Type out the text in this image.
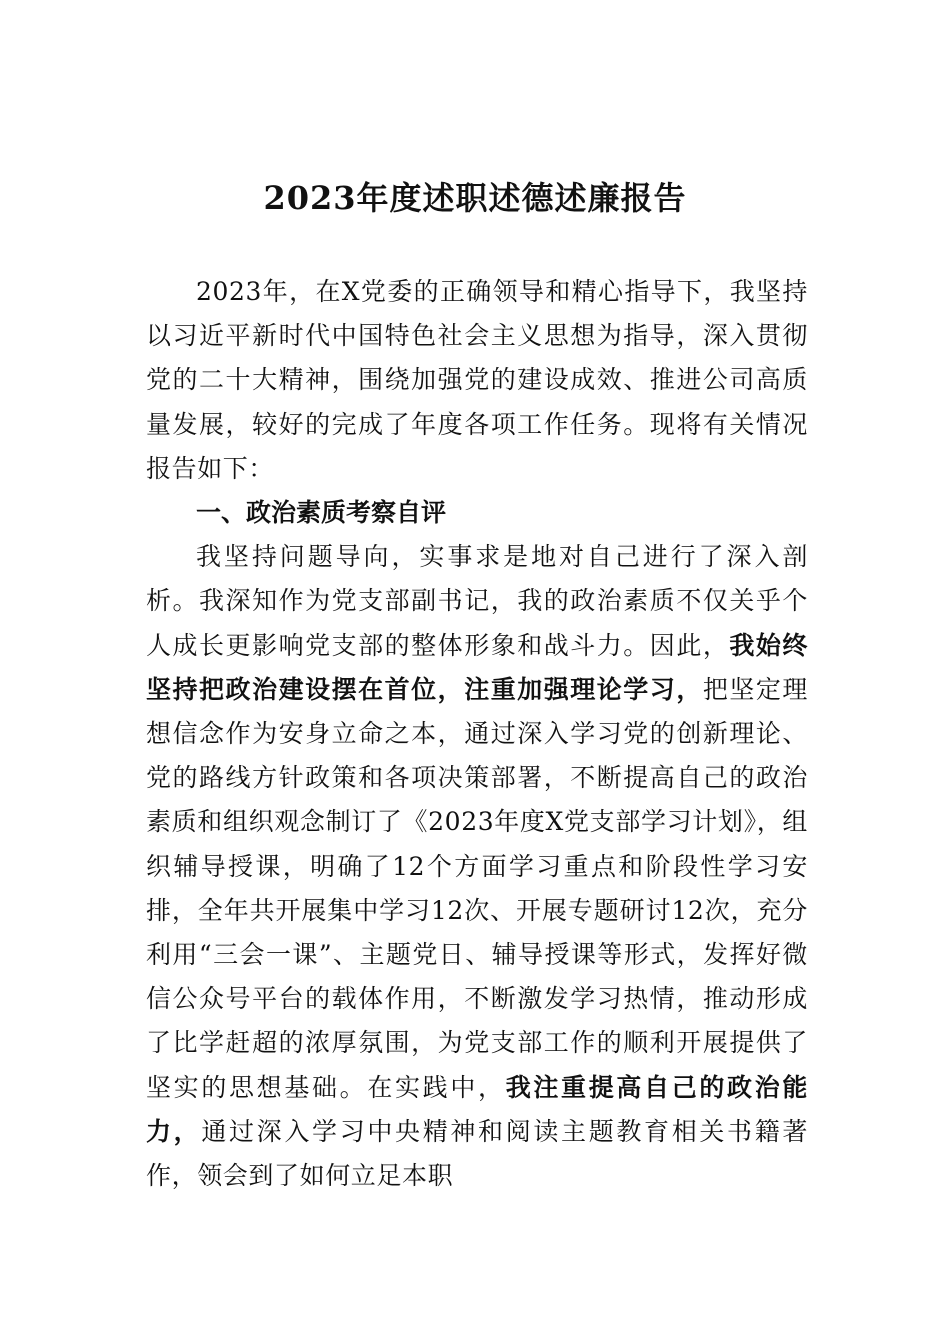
2023年度述职述德述廉报告

2023年，在X党委的正确领导和精心指导下，我坚持以习近平新时代中国特色社会主义思想为指导，深入贯彻党的二十大精神，围绕加强党的建设成效、推进公司高质量发展，较好的完成了年度各项工作任务。现将有关情况报告如下：

一、政治素质考察自评

我坚持问题导向，实事求是地对自己进行了深入剖析。我深知作为党支部副书记，我的政治素质不仅关乎个人成长更影响党支部的整体形象和战斗力。因此，我始终坚持把政治建设摆在首位，注重加强理论学习，把坚定理想信念作为安身立命之本，通过深入学习党的创新理论、党的路线方针政策和各项决策部署，不断提高自己的政治素质和组织观念制订了《2023年度X党支部学习计划》，组织辅导授课，明确了12个方面学习重点和阶段性学习安排，全年共开展集中学习12次、开展专题研讨12次，充分利用“三会一课”、主题党日、辅导授课等形式，发挥好微信公众号平台的载体作用，不断激发学习热情，推动形成了比学赶超的浓厚氛围，为党支部工作的顺利开展提供了坚实的思想基础。在实践中，我注重提高自己的政治能力，通过深入学习中央精神和阅读主题教育相关书籍著作，领会到了如何立足本职
